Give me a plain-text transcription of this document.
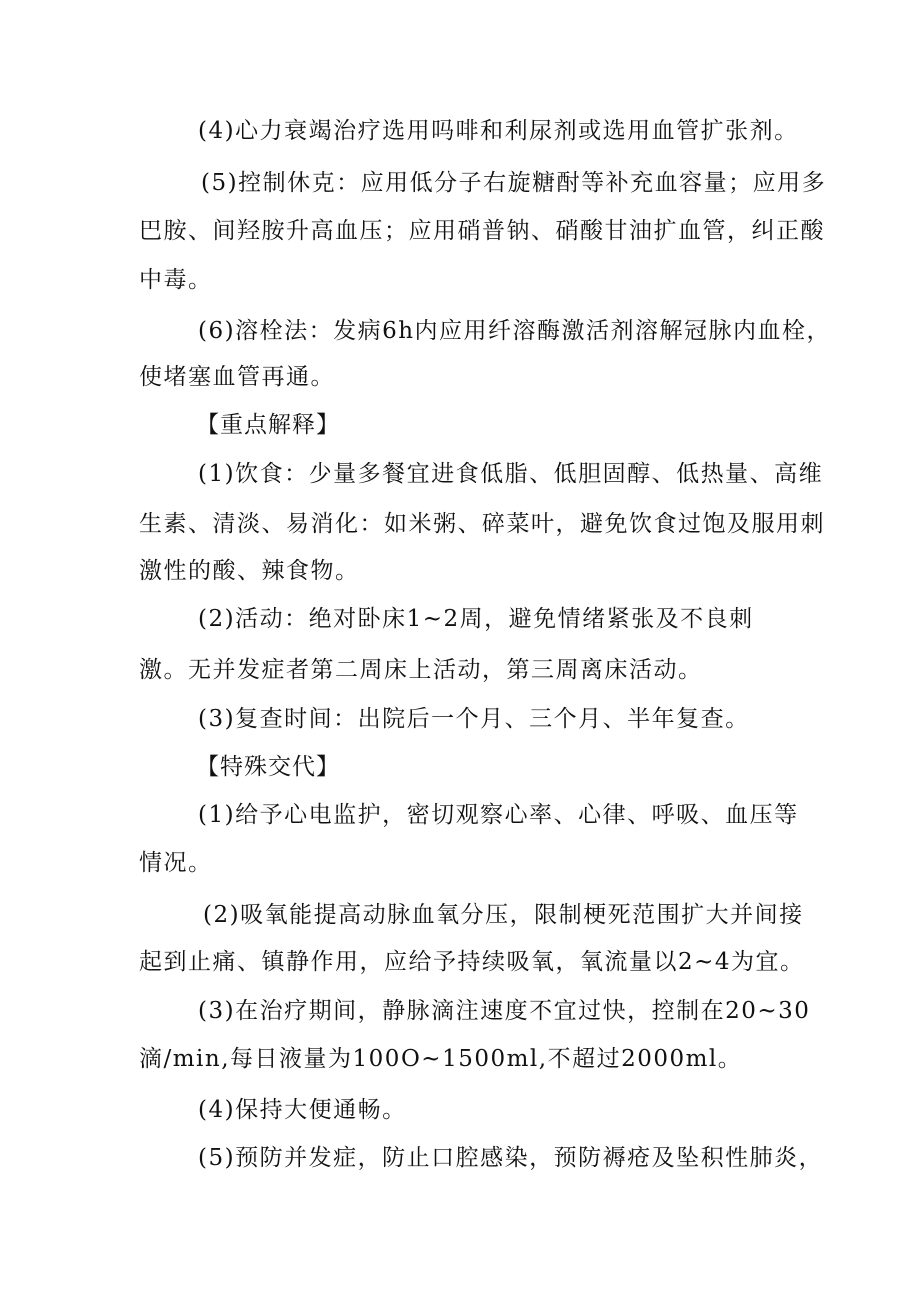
(4)心力衰竭治疗选用吗啡和利尿剂或选用血管扩张剂。
(5)控制休克：应用低分子右旋糖酎等补充血容量；应用多
巴胺、间羟胺升高血压；应用硝普钠、硝酸甘油扩血管，纠正酸
中毒。
(6)溶栓法：发病6h内应用纤溶酶激活剂溶解冠脉内血栓，
使堵塞血管再通。
【重点解释】
(1)饮食：少量多餐宜进食低脂、低胆固醇、低热量、高维
生素、清淡、易消化：如米粥、碎菜叶，避免饮食过饱及服用刺
激性的酸、辣食物。
(2)活动：绝对卧床1~2周，避免情绪紧张及不良刺
激。无并发症者第二周床上活动，第三周离床活动。
(3)复查时间：出院后一个月、三个月、半年复查。
【特殊交代】
(1)给予心电监护，密切观察心率、心律、呼吸、血压等
情况。
(2)吸氧能提高动脉血氧分压，限制梗死范围扩大并间接
起到止痛、镇静作用，应给予持续吸氧，氧流量以2~4为宜。
(3)在治疗期间，静脉滴注速度不宜过快，控制在20~30
滴/min,每日液量为100O~1500ml,不超过2000ml。
(4)保持大便通畅。
(5)预防并发症，防止口腔感染，预防褥疮及坠积性肺炎，
